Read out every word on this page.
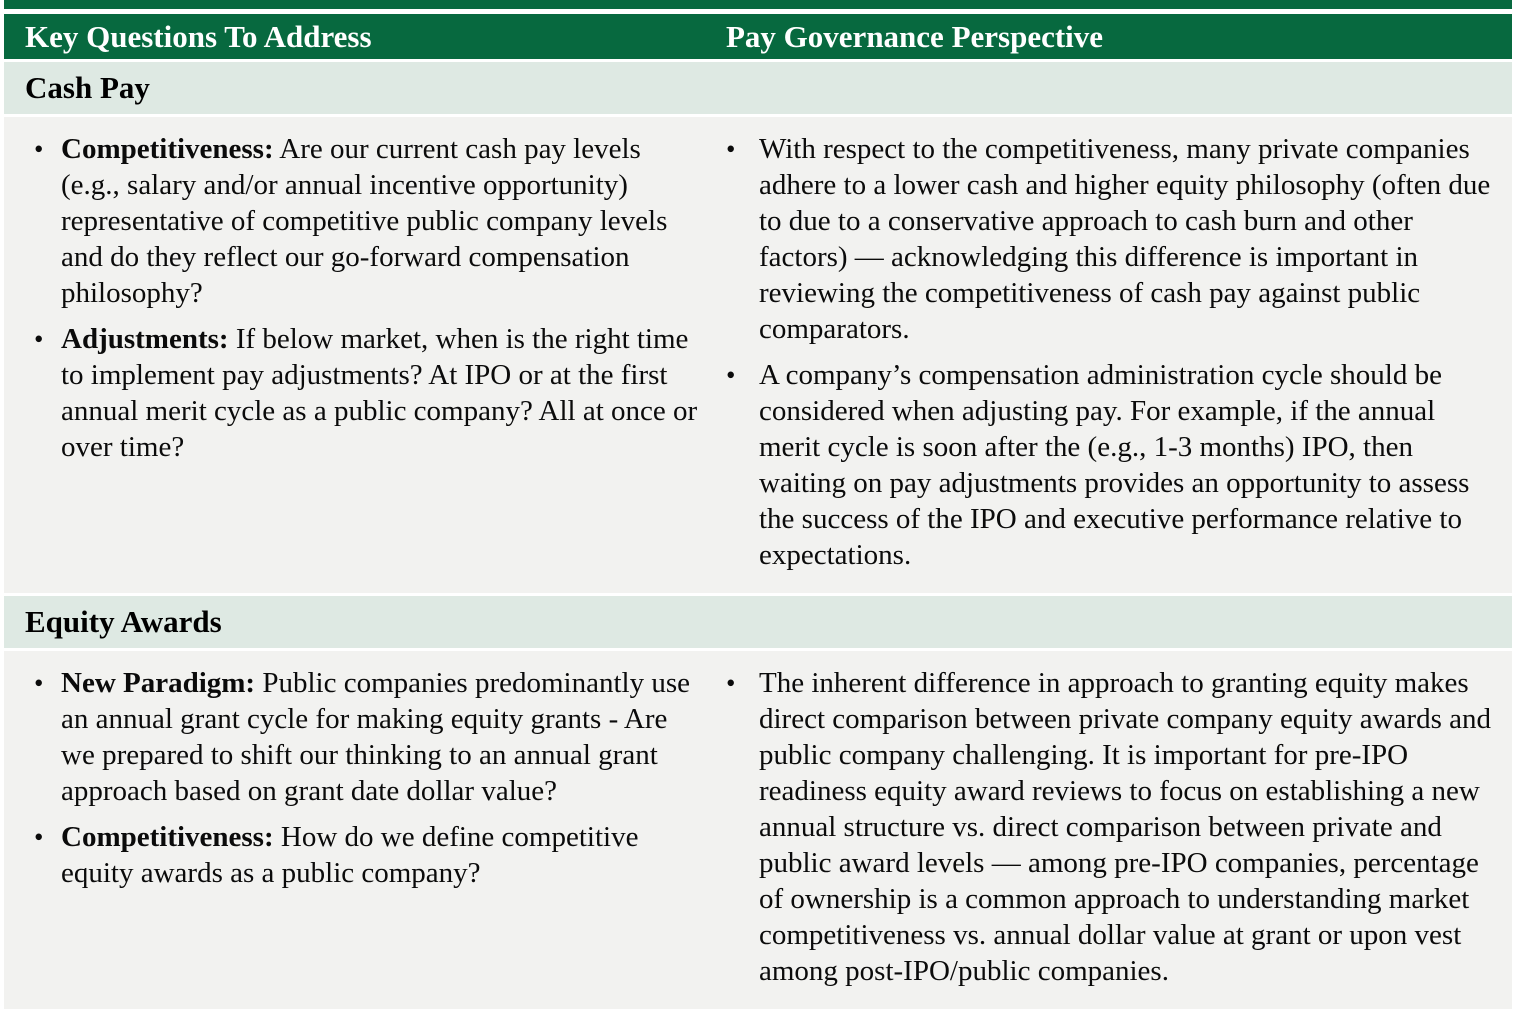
Key Questions To Address	Pay Governance Perspective
Cash Pay
• Competitiveness: Are our current cash pay levels (e.g., salary and/or annual incentive opportunity) representative of competitive public company levels and do they reflect our go-forward compensation philosophy?
• Adjustments: If below market, when is the right time to implement pay adjustments? At IPO or at the first annual merit cycle as a public company? All at once or over time?
• With respect to the competitiveness, many private companies adhere to a lower cash and higher equity philosophy (often due to due to a conservative approach to cash burn and other factors) — acknowledging this difference is important in reviewing the competitiveness of cash pay against public comparators.
• A company’s compensation administration cycle should be considered when adjusting pay. For example, if the annual merit cycle is soon after the (e.g., 1-3 months) IPO, then waiting on pay adjustments provides an opportunity to assess the success of the IPO and executive performance relative to expectations.
Equity Awards
• New Paradigm: Public companies predominantly use an annual grant cycle for making equity grants - Are we prepared to shift our thinking to an annual grant approach based on grant date dollar value?
• Competitiveness: How do we define competitive equity awards as a public company?
• The inherent difference in approach to granting equity makes direct comparison between private company equity awards and public company challenging. It is important for pre-IPO readiness equity award reviews to focus on establishing a new annual structure vs. direct comparison between private and public award levels — among pre-IPO companies, percentage of ownership is a common approach to understanding market competitiveness vs. annual dollar value at grant or upon vest among post-IPO/public companies.
